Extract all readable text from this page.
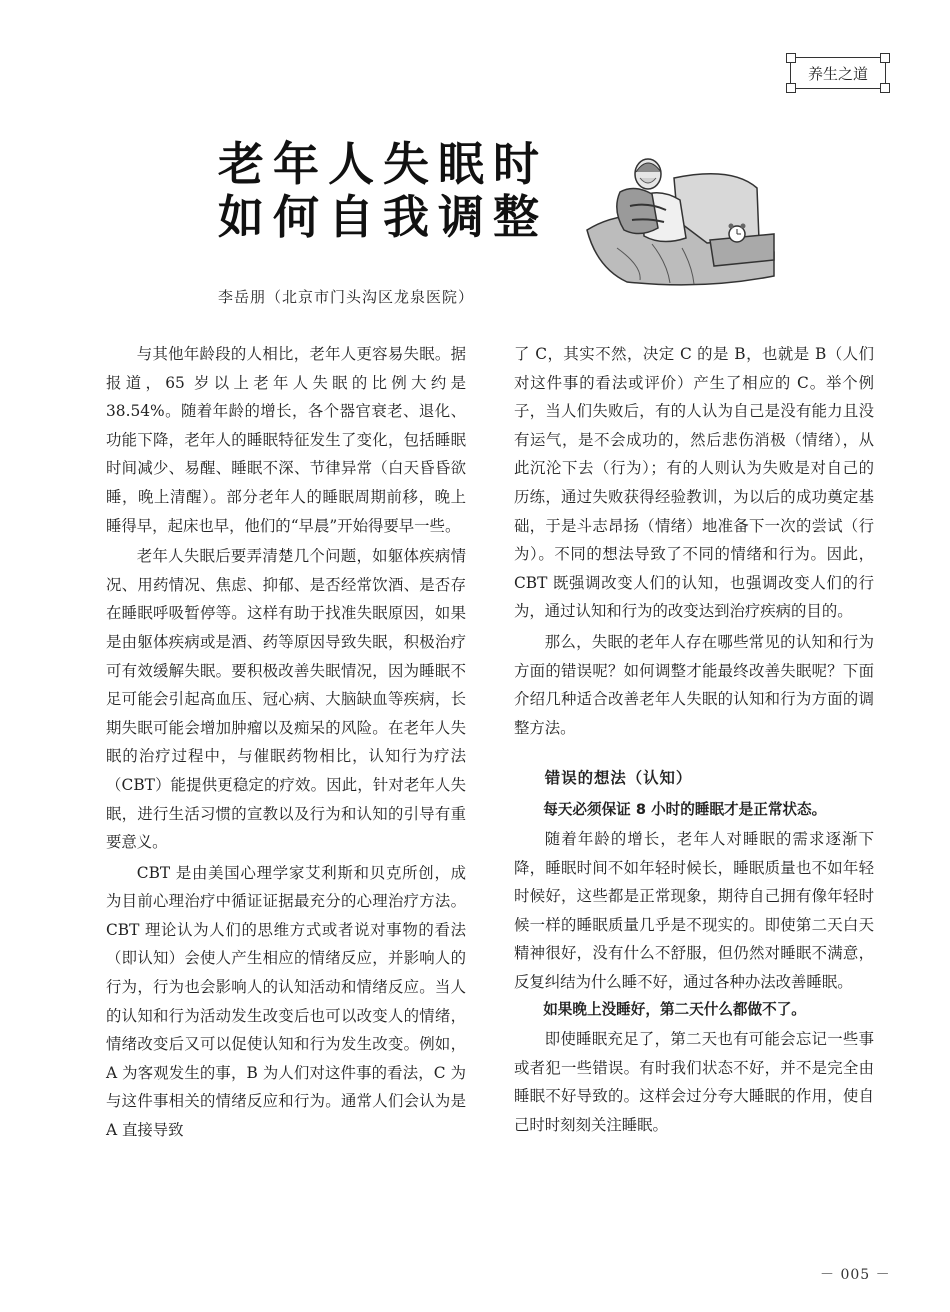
养生之道
老年人失眠时
如何自我调整
李岳朋（北京市门头沟区龙泉医院）

与其他年龄段的人相比，老年人更容易失眠。据报道，65 岁以上老年人失眠的比例大约是 38.54%。随着年龄的增长，各个器官衰老、退化、功能下降，老年人的睡眠特征发生了变化，包括睡眠时间减少、易醒、睡眠不深、节律异常（白天昏昏欲睡，晚上清醒）。部分老年人的睡眠周期前移，晚上睡得早，起床也早，他们的“早晨”开始得要早一些。

老年人失眠后要弄清楚几个问题，如躯体疾病情况、用药情况、焦虑、抑郁、是否经常饮酒、是否存在睡眠呼吸暂停等。这样有助于找准失眠原因，如果是由躯体疾病或是酒、药等原因导致失眠，积极治疗可有效缓解失眠。要积极改善失眠情况，因为睡眠不足可能会引起高血压、冠心病、大脑缺血等疾病，长期失眠可能会增加肿瘤以及痴呆的风险。在老年人失眠的治疗过程中，与催眠药物相比，认知行为疗法（CBT）能提供更稳定的疗效。因此，针对老年人失眠，进行生活习惯的宣教以及行为和认知的引导有重要意义。

CBT 是由美国心理学家艾利斯和贝克所创，成为目前心理治疗中循证证据最充分的心理治疗方法。CBT 理论认为人们的思维方式或者说对事物的看法（即认知）会使人产生相应的情绪反应，并影响人的行为，行为也会影响人的认知活动和情绪反应。当人的认知和行为活动发生改变后也可以改变人的情绪，情绪改变后又可以促使认知和行为发生改变。例如，A 为客观发生的事，B 为人们对这件事的看法，C 为与这件事相关的情绪反应和行为。通常人们会认为是 A 直接导致

了 C，其实不然，决定 C 的是 B，也就是 B（人们对这件事的看法或评价）产生了相应的 C。举个例子，当人们失败后，有的人认为自己是没有能力且没有运气，是不会成功的，然后悲伤消极（情绪），从此沉沦下去（行为）；有的人则认为失败是对自己的历练，通过失败获得经验教训，为以后的成功奠定基础，于是斗志昂扬（情绪）地准备下一次的尝试（行为）。不同的想法导致了不同的情绪和行为。因此，CBT 既强调改变人们的认知，也强调改变人们的行为，通过认知和行为的改变达到治疗疾病的目的。

那么，失眠的老年人存在哪些常见的认知和行为方面的错误呢？如何调整才能最终改善失眠呢？下面介绍几种适合改善老年人失眠的认知和行为方面的调整方法。

错误的想法（认知）

每天必须保证 8 小时的睡眠才是正常状态。

随着年龄的增长，老年人对睡眠的需求逐渐下降，睡眠时间不如年轻时候长，睡眠质量也不如年轻时候好，这些都是正常现象，期待自己拥有像年轻时候一样的睡眠质量几乎是不现实的。即使第二天白天精神很好，没有什么不舒服，但仍然对睡眠不满意，反复纠结为什么睡不好，通过各种办法改善睡眠。

如果晚上没睡好，第二天什么都做不了。

即使睡眠充足了，第二天也有可能会忘记一些事或者犯一些错误。有时我们状态不好，并不是完全由睡眠不好导致的。这样会过分夸大睡眠的作用，使自己时时刻刻关注睡眠。

－ 005 －
